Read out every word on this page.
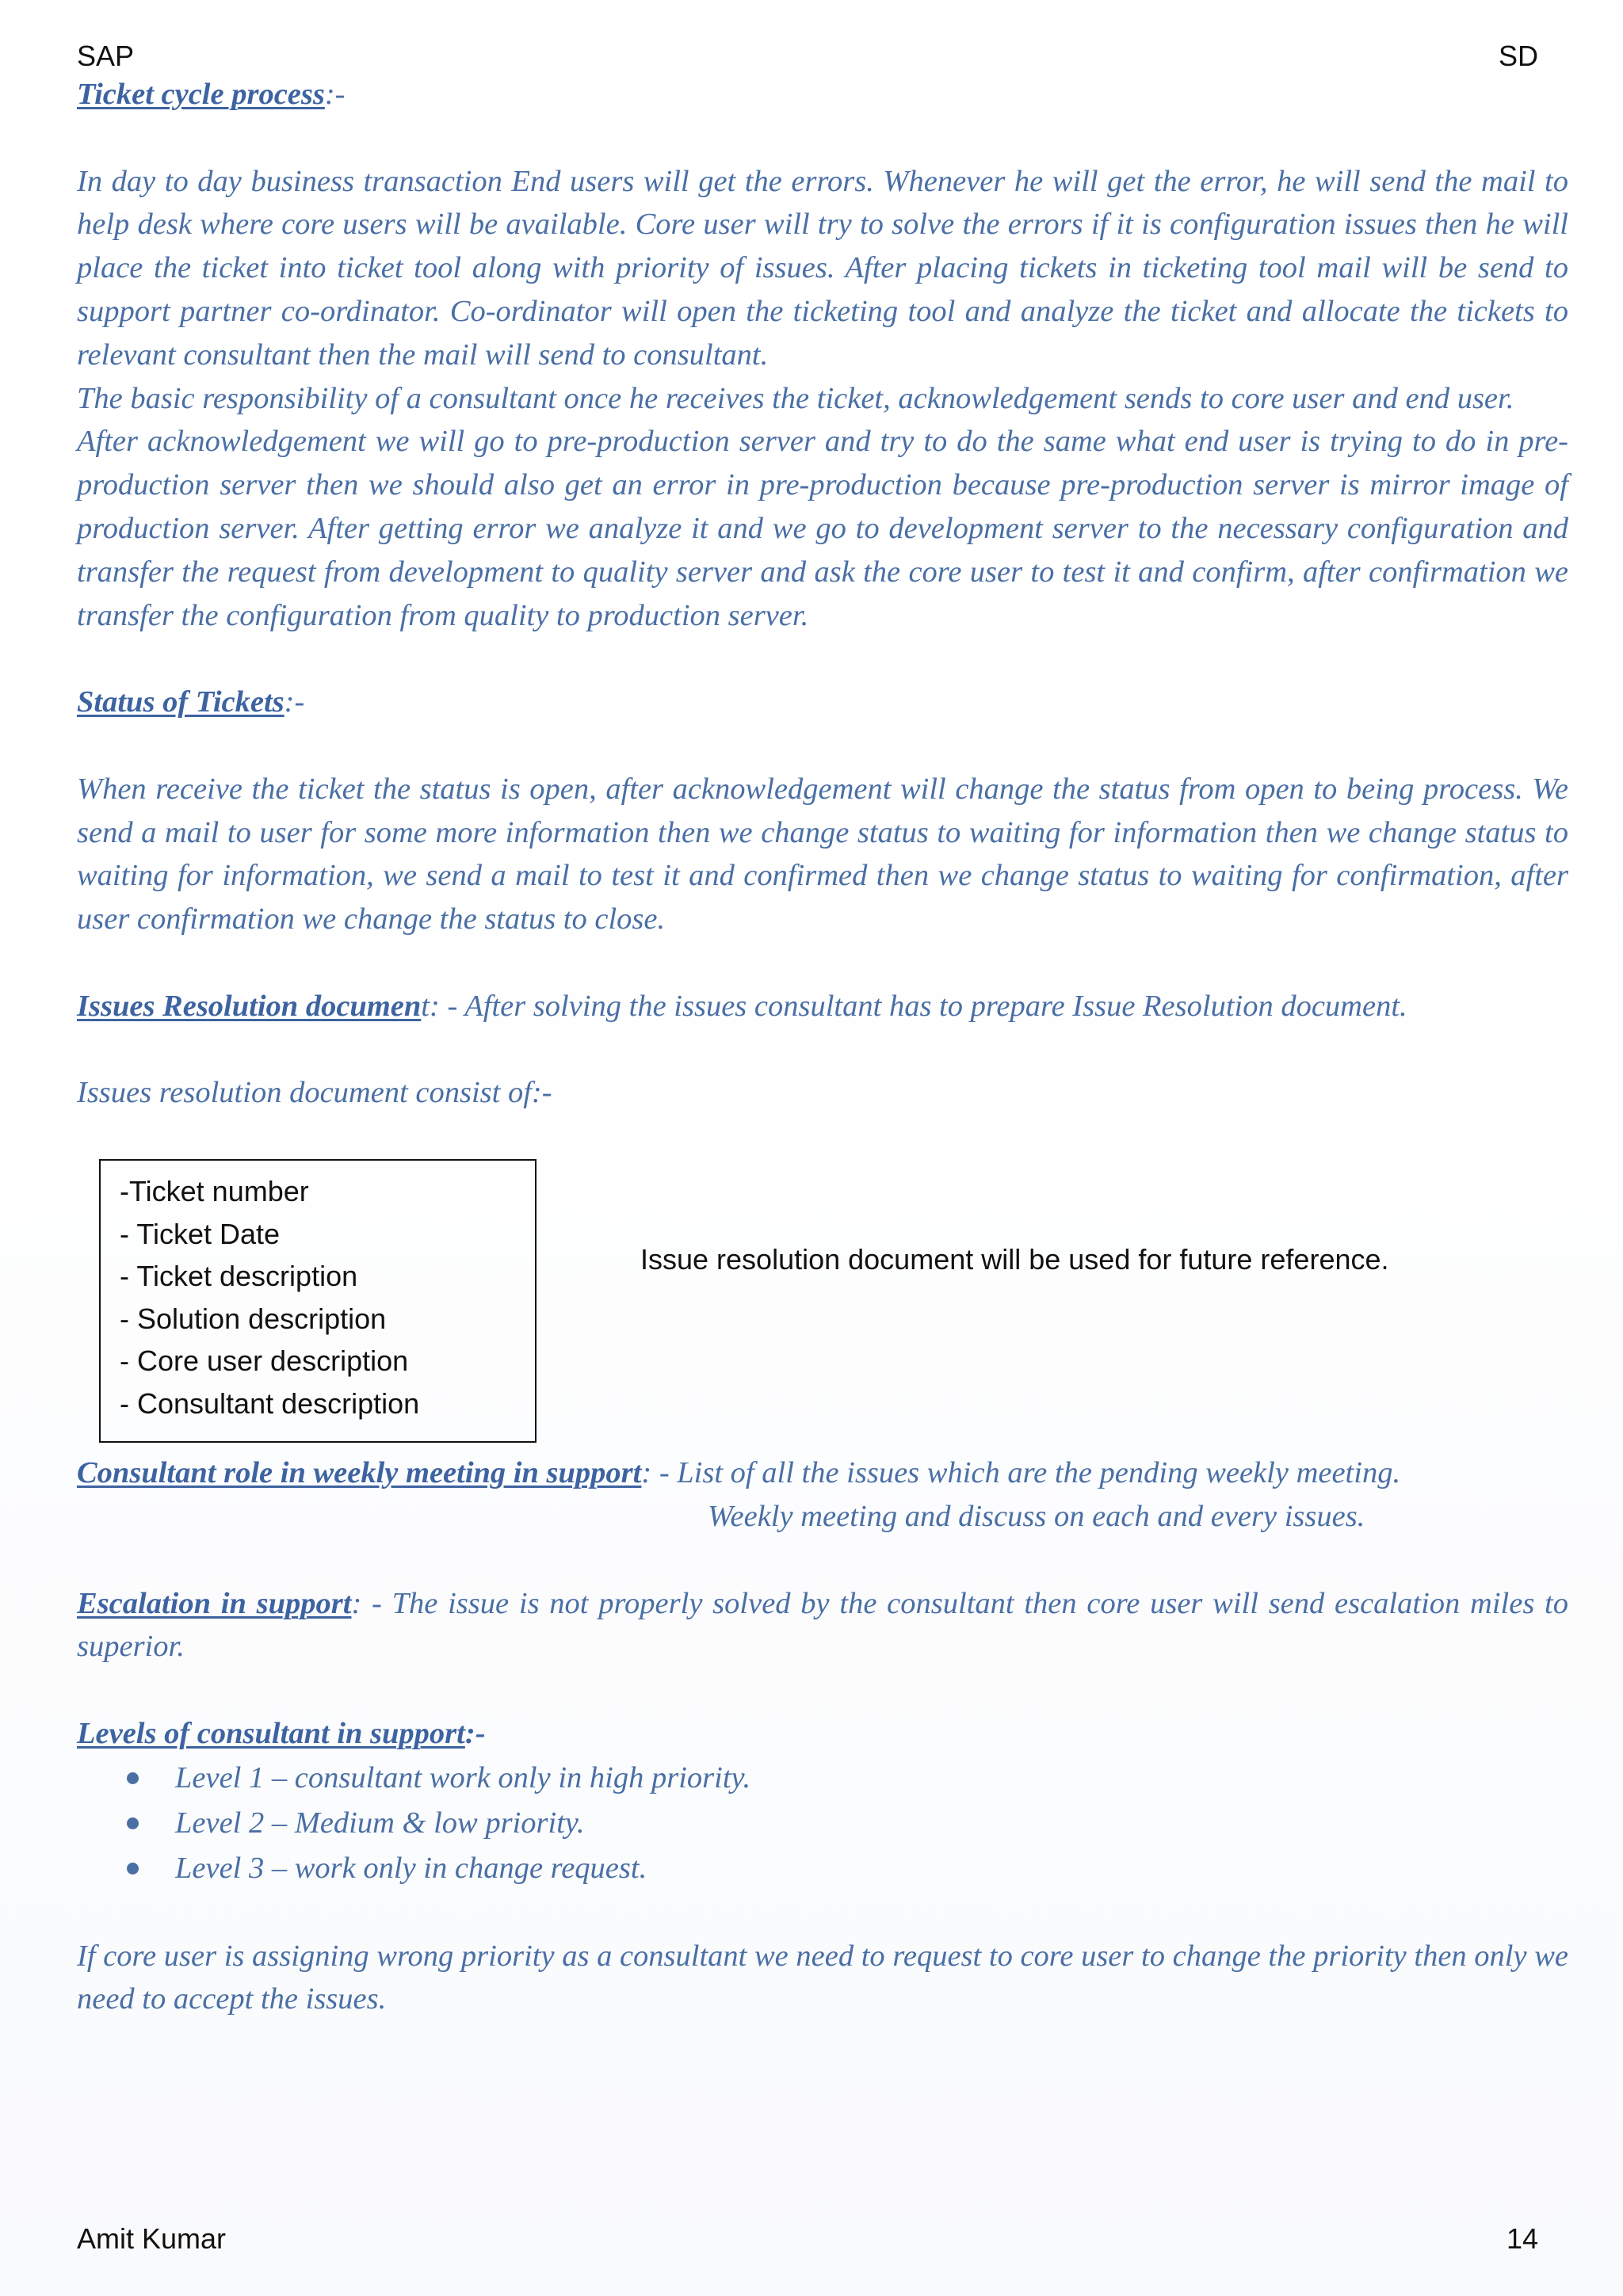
SAP	SD

Ticket cycle process:-

In day to day business transaction End users will get the errors. Whenever he will get the error, he will send the mail to help desk where core users will be available. Core user will try to solve the errors if it is configuration issues then he will place the ticket into ticket tool along with priority of issues. After placing tickets in ticketing tool mail will be send to support partner co-ordinator. Co-ordinator will open the ticketing tool and analyze the ticket and allocate the tickets to relevant consultant then the mail will send to consultant.

The basic responsibility of a consultant once he receives the ticket, acknowledgement sends to core user and end user.

After acknowledgement we will go to pre-production server and try to do the same what end user is trying to do in pre-production server then we should also get an error in pre-production because pre-production server is mirror image of production server. After getting error we analyze it and we go to development server to the necessary configuration and transfer the request from development to quality server and ask the core user to test it and confirm, after confirmation we transfer the configuration from quality to production server.

Status of Tickets:-

When receive the ticket the status is open, after acknowledgement will change the status from open to being process. We send a mail to user for some more information then we change status to waiting for information then we change status to waiting for information, we send a mail to test it and confirmed then we change status to waiting for confirmation, after user confirmation we change the status to close.

Issues Resolution document: - After solving the issues consultant has to prepare Issue Resolution document.

Issues resolution document consist of:-

-Ticket number
- Ticket Date
- Ticket description
- Solution description
- Core user description
- Consultant description
Issue resolution document will be used for future reference.

Consultant role in weekly meeting in support: - List of all the issues which are the pending weekly meeting.

Weekly meeting and discuss on each and every issues.

Escalation in support: - The issue is not properly solved by the consultant then core user will send escalation miles to superior.

Levels of consultant in support:-

Level 1 – consultant work only in high priority.
Level 2 – Medium & low priority.
Level 3 – work only in change request.

If core user is assigning wrong priority as a consultant we need to request to core user to change the priority then only we need to accept the issues.

Amit Kumar	14
